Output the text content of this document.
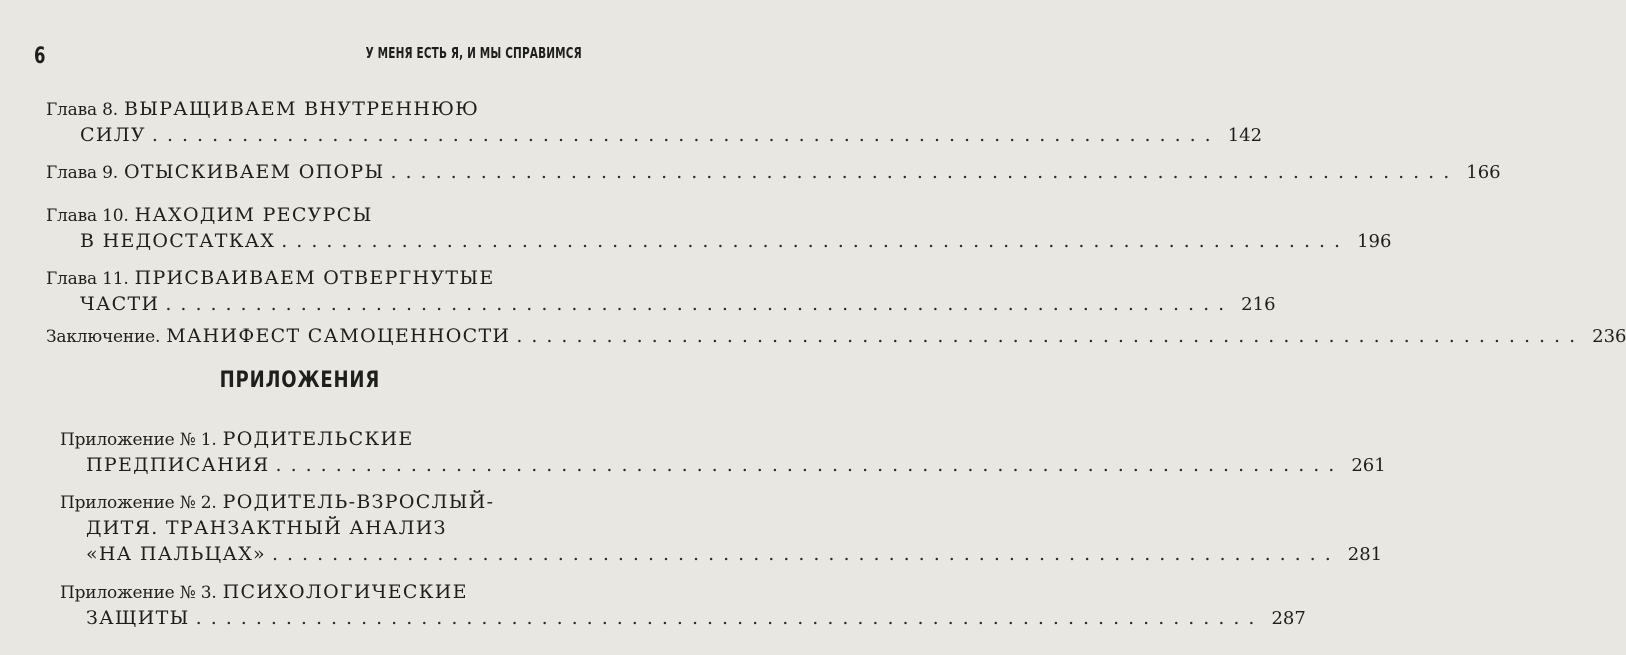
6	У МЕНЯ ЕСТЬ Я, И МЫ СПРАВИМСЯ
Глава 8. ВЫРАЩИВАЕМ ВНУТРЕННЮЮ
СИЛУ ....................................................................... 142
Глава 9. ОТЫСКИВАЕМ ОПОРЫ ....................................................................... 166
Глава 10. НАХОДИМ РЕСУРСЫ
В НЕДОСТАТКАХ ....................................................................... 196
Глава 11. ПРИСВАИВАЕМ ОТВЕРГНУТЫЕ
ЧАСТИ ....................................................................... 216
Заключение. МАНИФЕСТ САМОЦЕННОСТИ ....................................................................... 236
ПРИЛОЖЕНИЯ
Приложение № 1. РОДИТЕЛЬСКИЕ
ПРЕДПИСАНИЯ ....................................................................... 261
Приложение № 2. РОДИТЕЛЬ-ВЗРОСЛЫЙ-
ДИТЯ. ТРАНЗАКТНЫЙ АНАЛИЗ
«НА ПАЛЬЦАХ» ....................................................................... 281
Приложение № 3. ПСИХОЛОГИЧЕСКИЕ
ЗАЩИТЫ ....................................................................... 287
